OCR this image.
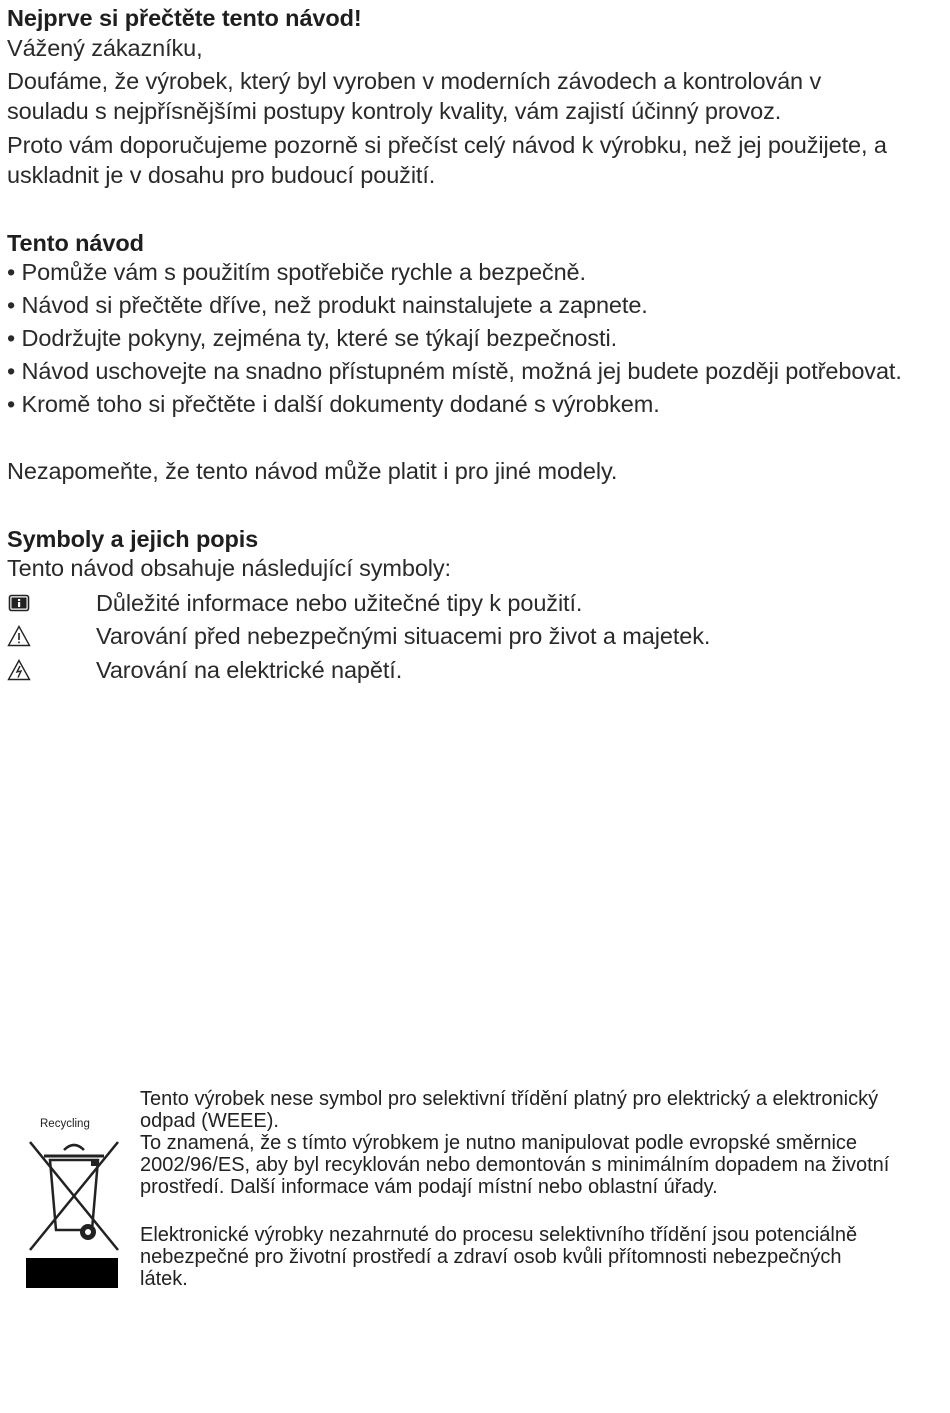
Nejprve si přečtěte tento návod!

Vážený zákazníku,

Doufáme, že výrobek, který byl vyroben v moderních závodech a kontrolován v souladu s nejpřísnějšími postupy kontroly kvality, vám zajistí účinný provoz.

Proto vám doporučujeme pozorně si přečíst celý návod k výrobku, než jej použijete, a uskladnit je v dosahu pro budoucí použití.

Tento návod

• Pomůže vám s použitím spotřebiče rychle a bezpečně.

• Návod si přečtěte dříve, než produkt nainstalujete a zapnete.

• Dodržujte pokyny, zejména ty, které se týkají bezpečnosti.

• Návod uschovejte na snadno přístupném místě, možná jej budete později potřebovat.

• Kromě toho si přečtěte i další dokumenty dodané s výrobkem.

Nezapomeňte, že tento návod může platit i pro jiné modely.

Symboly a jejich popis

Tento návod obsahuje následující symboly:

Důležité informace nebo užitečné tipy k použití.
Varování před nebezpečnými situacemi pro život a majetek.
Varování na elektrické napětí.
Recycling

Tento výrobek nese symbol pro selektivní třídění platný pro elektrický a elektronický odpad (WEEE).

To znamená, že s tímto výrobkem je nutno manipulovat podle evropské směrnice 2002/96/ES, aby byl recyklován nebo demontován s minimálním dopadem na životní prostředí. Další informace vám podají místní nebo oblastní úřady.

Elektronické výrobky nezahrnuté do procesu selektivního třídění jsou potenciálně nebezpečné pro životní prostředí a zdraví osob kvůli přítomnosti nebezpečných látek.
